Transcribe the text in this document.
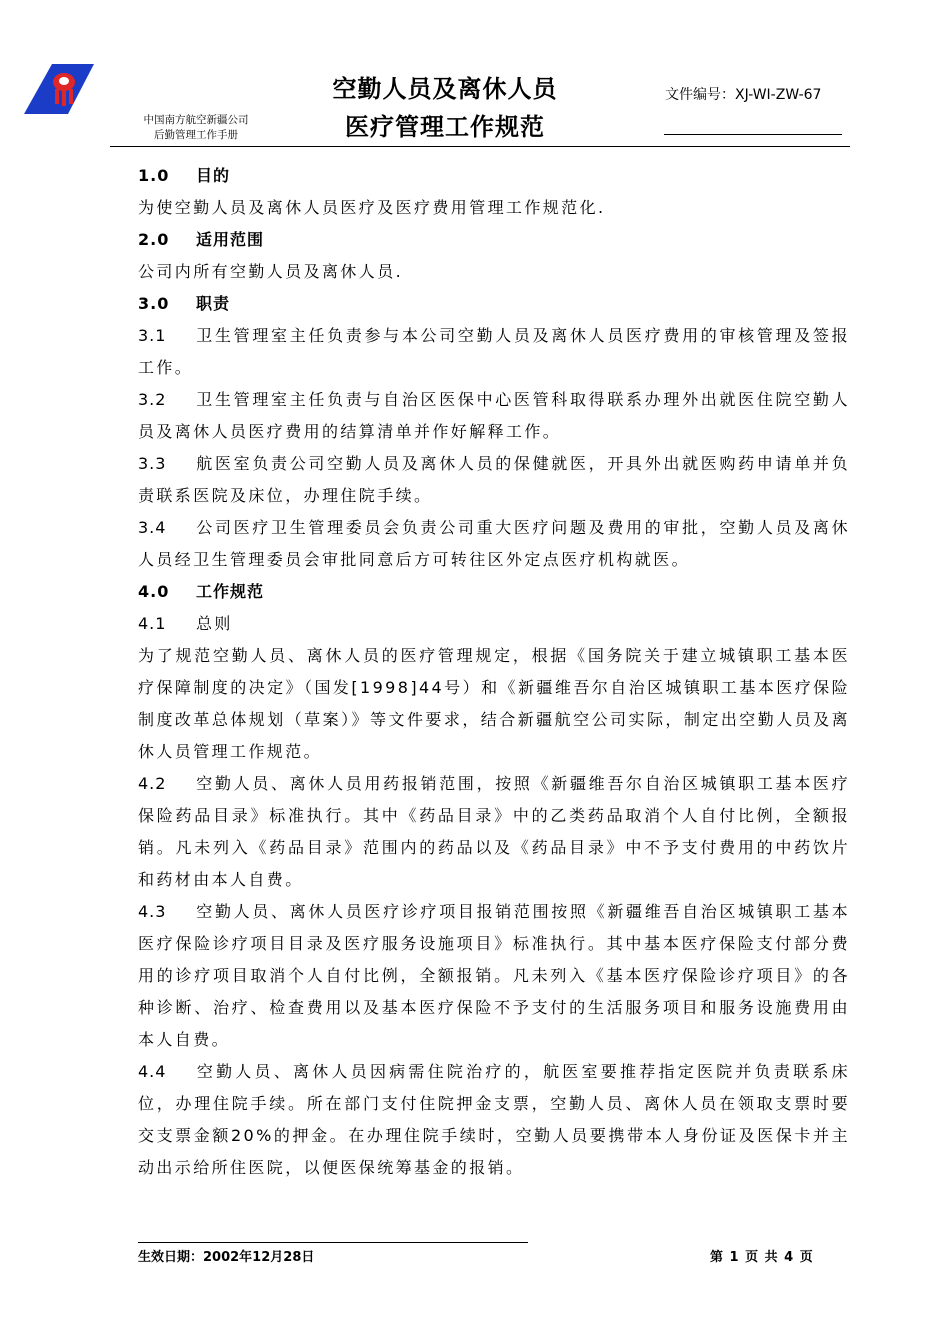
中国南方航空新疆公司
后勤管理工作手册
空勤人员及离休人员
医疗管理工作规范
文件编号：XJ-WI-ZW-67

1.0 目的

为使空勤人员及离休人员医疗及医疗费用管理工作规范化.

2.0 适用范围

公司内所有空勤人员及离休人员.

3.0 职责

3.1 卫生管理室主任负责参与本公司空勤人员及离休人员医疗费用的审核管理及签报工作。

3.2 卫生管理室主任负责与自治区医保中心医管科取得联系办理外出就医住院空勤人员及离休人员医疗费用的结算清单并作好解释工作。

3.3 航医室负责公司空勤人员及离休人员的保健就医，开具外出就医购药申请单并负责联系医院及床位，办理住院手续。

3.4 公司医疗卫生管理委员会负责公司重大医疗问题及费用的审批，空勤人员及离休人员经卫生管理委员会审批同意后方可转往区外定点医疗机构就医。

4.0 工作规范

4.1 总则

为了规范空勤人员、离休人员的医疗管理规定，根据《国务院关于建立城镇职工基本医疗保障制度的决定》（国发[1998]44号）和《新疆维吾尔自治区城镇职工基本医疗保险制度改革总体规划（草案）》等文件要求，结合新疆航空公司实际，制定出空勤人员及离休人员管理工作规范。

4.2 空勤人员、离休人员用药报销范围，按照《新疆维吾尔自治区城镇职工基本医疗保险药品目录》标准执行。其中《药品目录》中的乙类药品取消个人自付比例，全额报销。凡未列入《药品目录》范围内的药品以及《药品目录》中不予支付费用的中药饮片和药材由本人自费。

4.3 空勤人员、离休人员医疗诊疗项目报销范围按照《新疆维吾自治区城镇职工基本医疗保险诊疗项目目录及医疗服务设施项目》标准执行。其中基本医疗保险支付部分费用的诊疗项目取消个人自付比例，全额报销。凡未列入《基本医疗保险诊疗项目》的各种诊断、治疗、检查费用以及基本医疗保险不予支付的生活服务项目和服务设施费用由本人自费。

4.4 空勤人员、离休人员因病需住院治疗的，航医室要推荐指定医院并负责联系床位，办理住院手续。所在部门支付住院押金支票，空勤人员、离休人员在领取支票时要交支票金额20%的押金。在办理住院手续时，空勤人员要携带本人身份证及医保卡并主动出示给所住医院，以便医保统筹基金的报销。

生效日期：2002年12月28日	第 1 页 共 4 页
